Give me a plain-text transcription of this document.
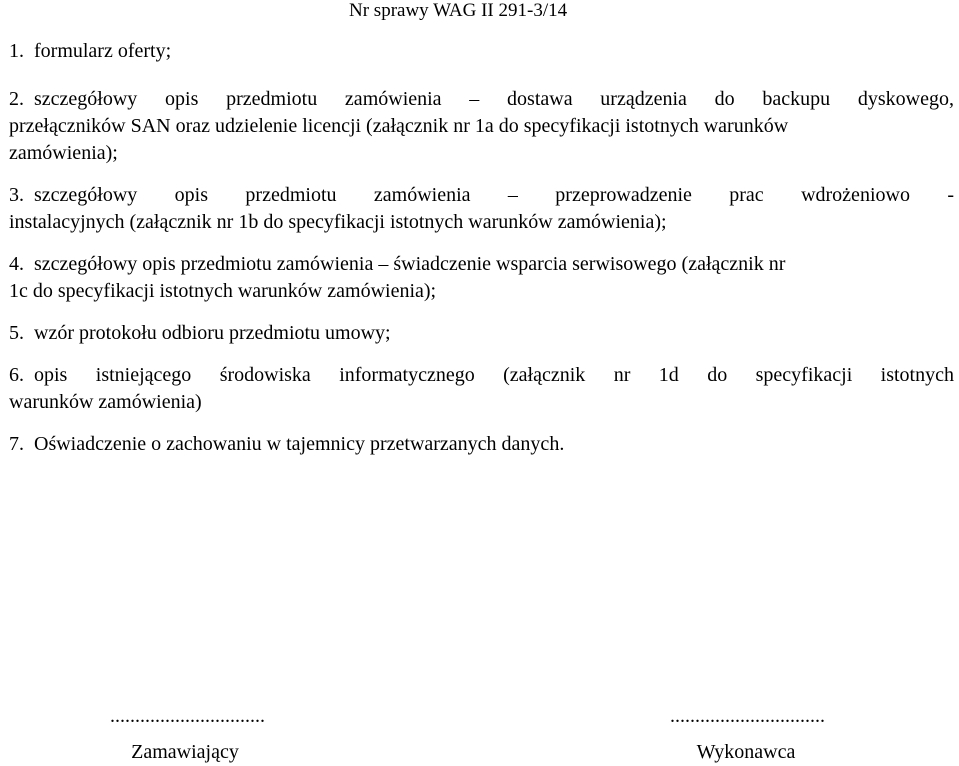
Nr sprawy WAG II 291-3/14
1. formularz oferty;
2. szczegółowy opis przedmiotu zamówienia – dostawa urządzenia do backupu dyskowego,
przełączników SAN oraz udzielenie licencji (załącznik nr 1a do specyfikacji istotnych warunków
zamówienia);
3. szczegółowy opis przedmiotu zamówienia – przeprowadzenie prac wdrożeniowo -
instalacyjnych (załącznik nr 1b do specyfikacji istotnych warunków zamówienia);
4. szczegółowy opis przedmiotu zamówienia – świadczenie wsparcia serwisowego (załącznik nr
1c do specyfikacji istotnych warunków zamówienia);
5. wzór protokołu odbioru przedmiotu umowy;
6. opis istniejącego środowiska informatycznego (załącznik nr 1d do specyfikacji istotnych
warunków zamówienia)
7. Oświadczenie o zachowaniu w tajemnicy przetwarzanych danych.
...............................
Zamawiający
...............................
Wykonawca
